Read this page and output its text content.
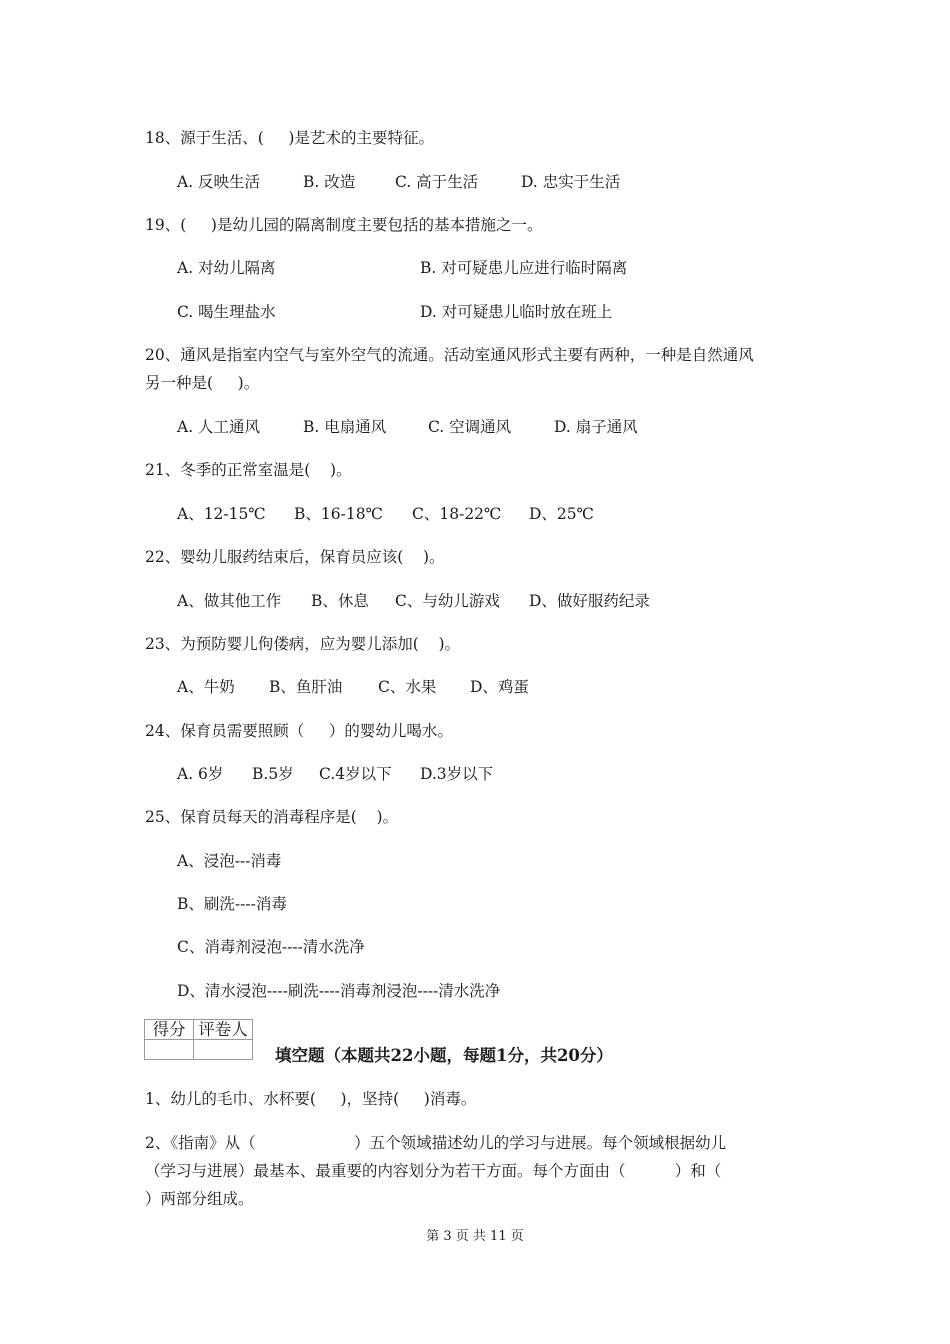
18、源于生活、(     )是艺术的主要特征。
A. 反映生活	B. 改造	C. 高于生活	D. 忠实于生活
19、(     )是幼儿园的隔离制度主要包括的基本措施之一。
A. 对幼儿隔离	B. 对可疑患儿应进行临时隔离
C. 喝生理盐水	D. 对可疑患儿临时放在班上
20、通风是指室内空气与室外空气的流通。活动室通风形式主要有两种，一种是自然通风
另一种是(     )。
A. 人工通风	B. 电扇通风	C. 空调通风	D. 扇子通风
21、冬季的正常室温是(    )。
A、12-15℃ B、16-18℃ C、18-22℃ D、25℃
22、婴幼儿服药结束后，保育员应该(    )。
A、做其他工作 B、休息 C、与幼儿游戏 D、做好服药纪录
23、为预防婴儿佝偻病，应为婴儿添加(    )。
A、牛奶 B、鱼肝油 C、水果 D、鸡蛋
24、保育员需要照顾（     ）的婴幼儿喝水。
A. 6岁 B.5岁 C.4岁以下 D.3岁以下
25、保育员每天的消毒程序是(    )。
A、浸泡---消毒
B、刷洗----消毒
C、消毒剂浸泡----清水洗净
D、清水浸泡----刷洗----消毒剂浸泡----清水洗净
得分	评卷人

填空题（本题共22小题，每题1分，共20分）
1、幼儿的毛巾、水杯要(     )，坚持(     )消毒。
2、《指南》从（                    ）五个领域描述幼儿的学习与进展。每个领域根据幼儿
（学习与进展）最基本、最重要的内容划分为若干方面。每个方面由（          ）和（
）两部分组成。
第 3 页 共 11 页
